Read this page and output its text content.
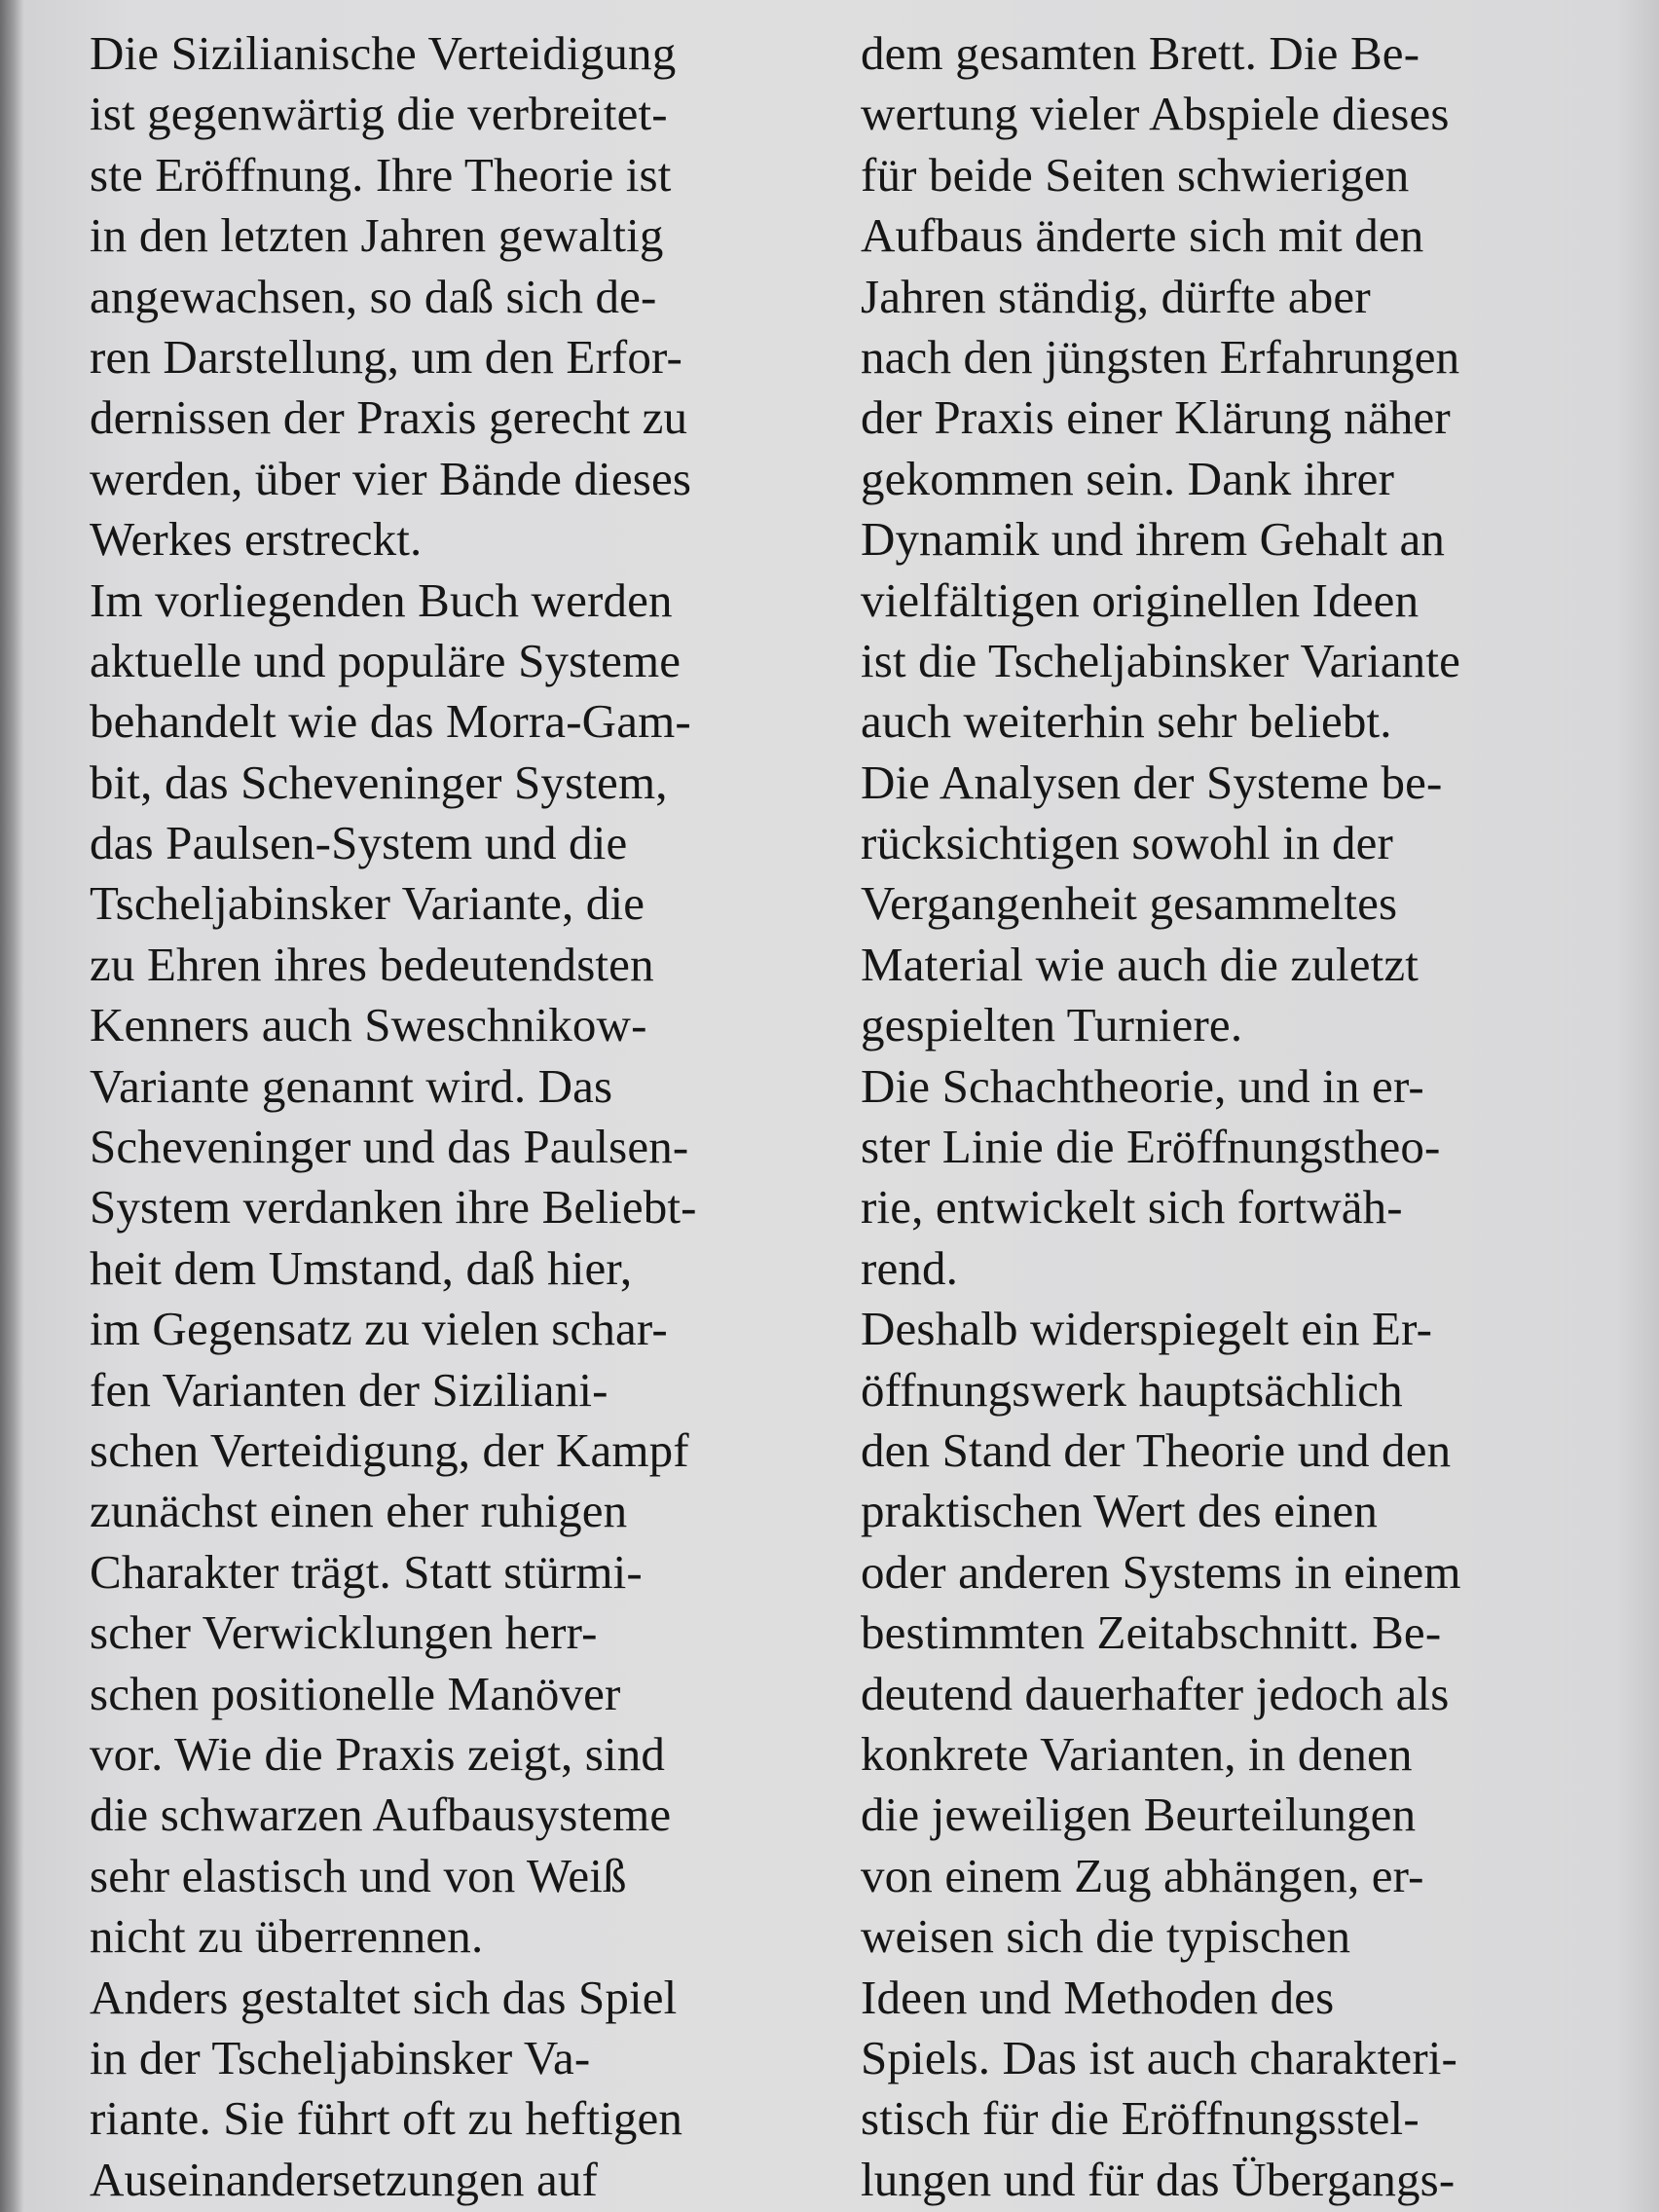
Die Sizilianische Verteidigung
ist gegenwärtig die verbreitet-
ste Eröffnung. Ihre Theorie ist
in den letzten Jahren gewaltig
angewachsen, so daß sich de-
ren Darstellung, um den Erfor-
dernissen der Praxis gerecht zu
werden, über vier Bände dieses
Werkes erstreckt.
Im vorliegenden Buch werden
aktuelle und populäre Systeme
behandelt wie das Morra-Gam-
bit, das Scheveninger System,
das Paulsen-System und die
Tscheljabinsker Variante, die
zu Ehren ihres bedeutendsten
Kenners auch Sweschnikow-
Variante genannt wird. Das
Scheveninger und das Paulsen-
System verdanken ihre Beliebt-
heit dem Umstand, daß hier,
im Gegensatz zu vielen schar-
fen Varianten der Siziliani-
schen Verteidigung, der Kampf
zunächst einen eher ruhigen
Charakter trägt. Statt stürmi-
scher Verwicklungen herr-
schen positionelle Manöver
vor. Wie die Praxis zeigt, sind
die schwarzen Aufbausysteme
sehr elastisch und von Weiß
nicht zu überrennen.
Anders gestaltet sich das Spiel
in der Tscheljabinsker Va-
riante. Sie führt oft zu heftigen
Auseinandersetzungen auf
dem gesamten Brett. Die Be-
wertung vieler Abspiele dieses
für beide Seiten schwierigen
Aufbaus änderte sich mit den
Jahren ständig, dürfte aber
nach den jüngsten Erfahrungen
der Praxis einer Klärung näher
gekommen sein. Dank ihrer
Dynamik und ihrem Gehalt an
vielfältigen originellen Ideen
ist die Tscheljabinsker Variante
auch weiterhin sehr beliebt.
Die Analysen der Systeme be-
rücksichtigen sowohl in der
Vergangenheit gesammeltes
Material wie auch die zuletzt
gespielten Turniere.
Die Schachtheorie, und in er-
ster Linie die Eröffnungstheo-
rie, entwickelt sich fortwäh-
rend.
Deshalb widerspiegelt ein Er-
öffnungswerk hauptsächlich
den Stand der Theorie und den
praktischen Wert des einen
oder anderen Systems in einem
bestimmten Zeitabschnitt. Be-
deutend dauerhafter jedoch als
konkrete Varianten, in denen
die jeweiligen Beurteilungen
von einem Zug abhängen, er-
weisen sich die typischen
Ideen und Methoden des
Spiels. Das ist auch charakteri-
stisch für die Eröffnungsstel-
lungen und für das Übergangs-
